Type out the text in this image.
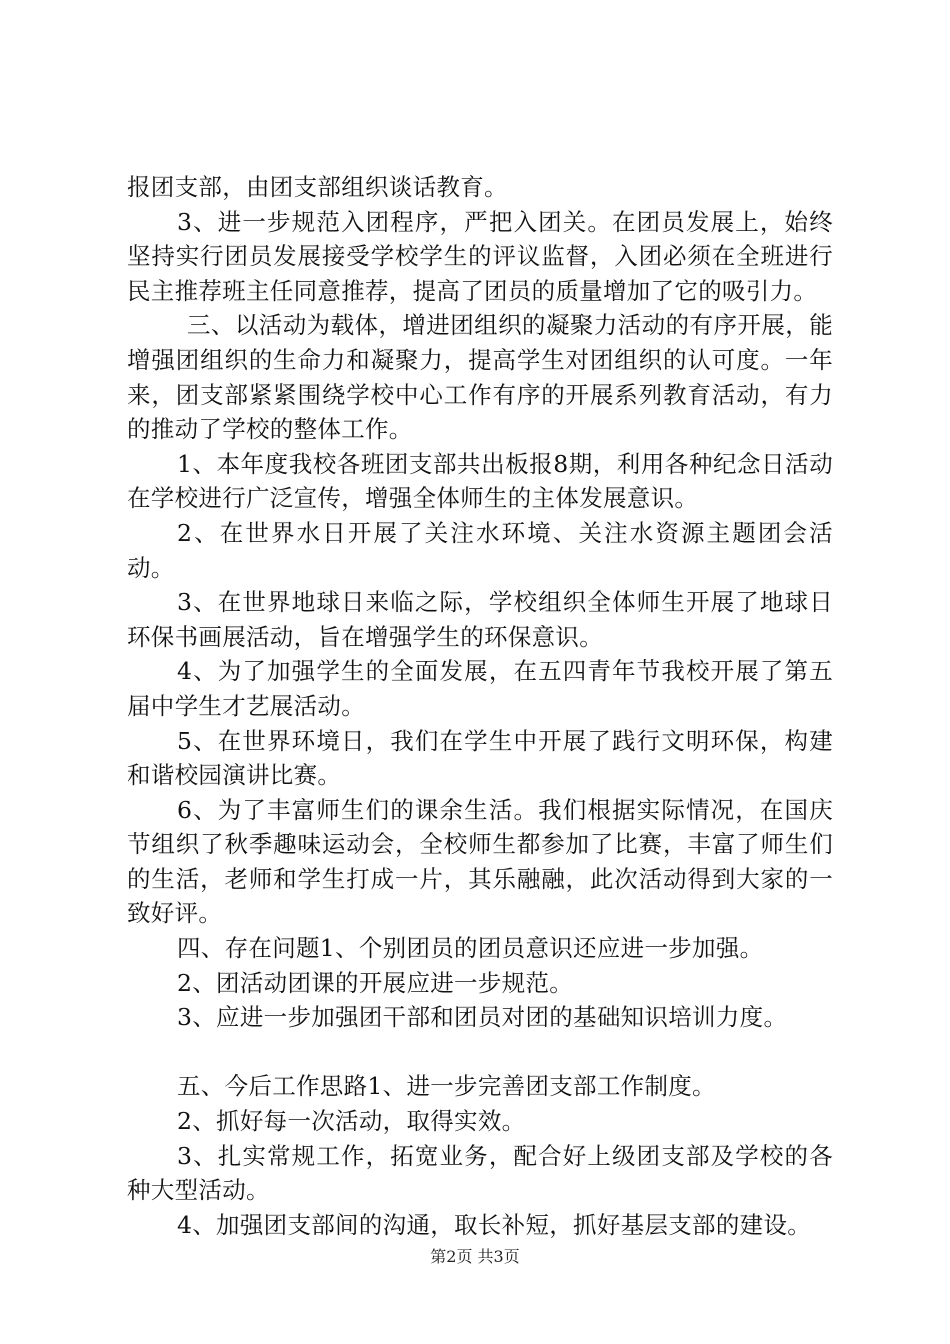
报团支部，由团支部组织谈话教育。

3、进一步规范入团程序，严把入团关。在团员发展上，始终坚持实行团员发展接受学校学生的评议监督，入团必须在全班进行民主推荐班主任同意推荐，提高了团员的质量增加了它的吸引力。

三、以活动为载体，增进团组织的凝聚力活动的有序开展，能增强团组织的生命力和凝聚力，提高学生对团组织的认可度。一年来，团支部紧紧围绕学校中心工作有序的开展系列教育活动，有力的推动了学校的整体工作。

1、本年度我校各班团支部共出板报8期，利用各种纪念日活动在学校进行广泛宣传，增强全体师生的主体发展意识。

2、在世界水日开展了关注水环境、关注水资源主题团会活动。

3、在世界地球日来临之际，学校组织全体师生开展了地球日环保书画展活动，旨在增强学生的环保意识。

4、为了加强学生的全面发展，在五四青年节我校开展了第五届中学生才艺展活动。

5、在世界环境日，我们在学生中开展了践行文明环保，构建和谐校园演讲比赛。

6、为了丰富师生们的课余生活。我们根据实际情况，在国庆节组织了秋季趣味运动会，全校师生都参加了比赛，丰富了师生们的生活，老师和学生打成一片，其乐融融，此次活动得到大家的一致好评。

四、存在问题1、个别团员的团员意识还应进一步加强。

2、团活动团课的开展应进一步规范。

3、应进一步加强团干部和团员对团的基础知识培训力度。

五、今后工作思路1、进一步完善团支部工作制度。

2、抓好每一次活动，取得实效。

3、扎实常规工作，拓宽业务，配合好上级团支部及学校的各种大型活动。

4、加强团支部间的沟通，取长补短，抓好基层支部的建设。

第2页 共3页
